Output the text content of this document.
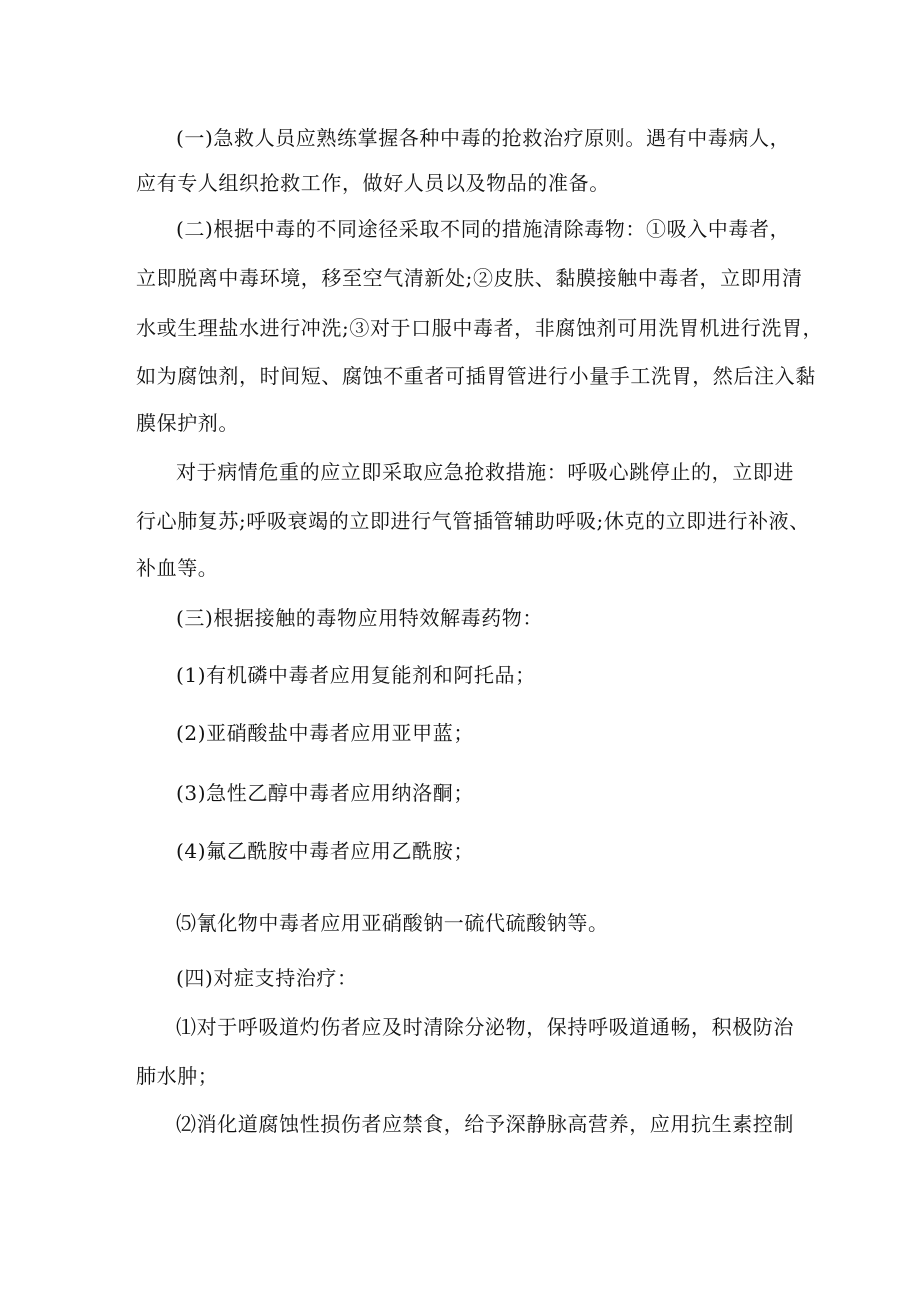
(一)急救人员应熟练掌握各种中毒的抢救治疗原则。遇有中毒病人，
应有专人组织抢救工作，做好人员以及物品的准备。
(二)根据中毒的不同途径采取不同的措施清除毒物：①吸入中毒者，
立即脱离中毒环境，移至空气清新处;②皮肤、黏膜接触中毒者，立即用清
水或生理盐水进行冲洗;③对于口服中毒者，非腐蚀剂可用洗胃机进行洗胃，
如为腐蚀剂，时间短、腐蚀不重者可插胃管进行小量手工洗胃，然后注入黏
膜保护剂。
对于病情危重的应立即采取应急抢救措施：呼吸心跳停止的，立即进
行心肺复苏;呼吸衰竭的立即进行气管插管辅助呼吸;休克的立即进行补液、
补血等。
(三)根据接触的毒物应用特效解毒药物：
(1)有机磷中毒者应用复能剂和阿托品；
(2)亚硝酸盐中毒者应用亚甲蓝；
(3)急性乙醇中毒者应用纳洛酮；
(4)氟乙酰胺中毒者应用乙酰胺；
⑸氰化物中毒者应用亚硝酸钠一硫代硫酸钠等。
(四)对症支持治疗：
⑴对于呼吸道灼伤者应及时清除分泌物，保持呼吸道通畅，积极防治
肺水肿；
⑵消化道腐蚀性损伤者应禁食，给予深静脉高营养，应用抗生素控制
